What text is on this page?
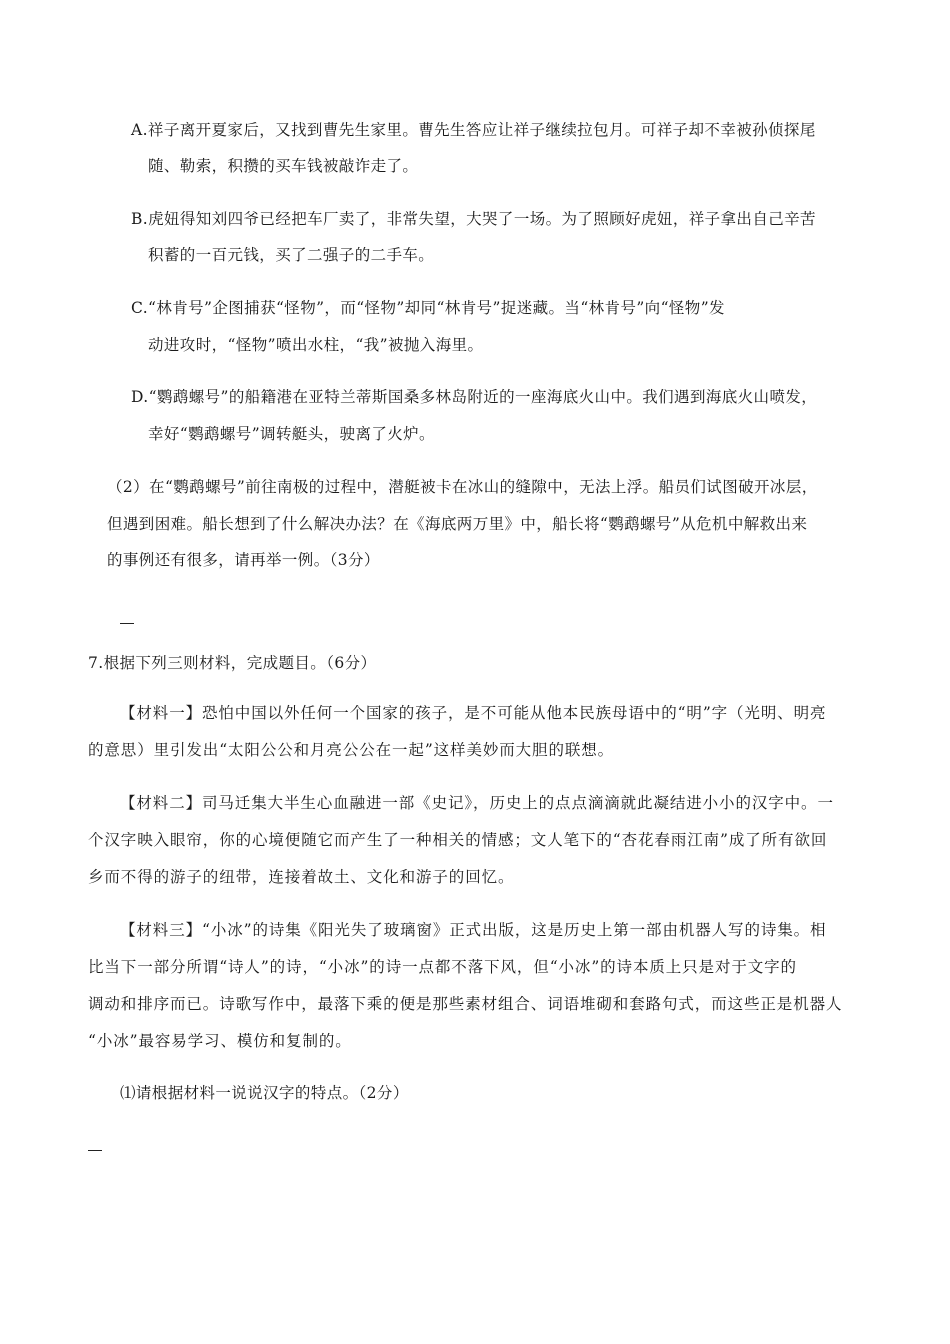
A.祥子离开夏家后，又找到曹先生家里。曹先生答应让祥子继续拉包月。可祥子却不幸被孙侦探尾
随、勒索，积攒的买车钱被敲诈走了。
B.虎妞得知刘四爷已经把车厂卖了，非常失望，大哭了一场。为了照顾好虎妞，祥子拿出自己辛苦
积蓄的一百元钱，买了二强子的二手车。
C.“林肯号”企图捕获“怪物”，而“怪物”却同“林肯号”捉迷藏。当“林肯号”向“怪物”发
动进攻时，“怪物”喷出水柱，“我”被抛入海里。
D.“鹦鹉螺号”的船籍港在亚特兰蒂斯国桑多林岛附近的一座海底火山中。我们遇到海底火山喷发，
幸好“鹦鹉螺号”调转艇头，驶离了火炉。
（2）在“鹦鹉螺号”前往南极的过程中，潜艇被卡在冰山的缝隙中，无法上浮。船员们试图破开冰层，
但遇到困难。船长想到了什么解决办法？在《海底两万里》中，船长将“鹦鹉螺号”从危机中解救出来
的事例还有很多，请再举一例。（3分）
7.根据下列三则材料，完成题目。（6分）
【材料一】恐怕中国以外任何一个国家的孩子，是不可能从他本民族母语中的“明”字（光明、明亮
的意思）里引发出“太阳公公和月亮公公在一起”这样美妙而大胆的联想。
【材料二】司马迁集大半生心血融进一部《史记》，历史上的点点滴滴就此凝结进小小的汉字中。一
个汉字映入眼帘，你的心境便随它而产生了一种相关的情感；文人笔下的“杏花春雨江南”成了所有欲回
乡而不得的游子的纽带，连接着故土、文化和游子的回忆。
【材料三】“小冰”的诗集《阳光失了玻璃窗》正式出版，这是历史上第一部由机器人写的诗集。相
比当下一部分所谓“诗人”的诗，“小冰”的诗一点都不落下风，但“小冰”的诗本质上只是对于文字的
调动和排序而已。诗歌写作中，最落下乘的便是那些素材组合、词语堆砌和套路句式，而这些正是机器人
“小冰”最容易学习、模仿和复制的。
⑴请根据材料一说说汉字的特点。（2分）
